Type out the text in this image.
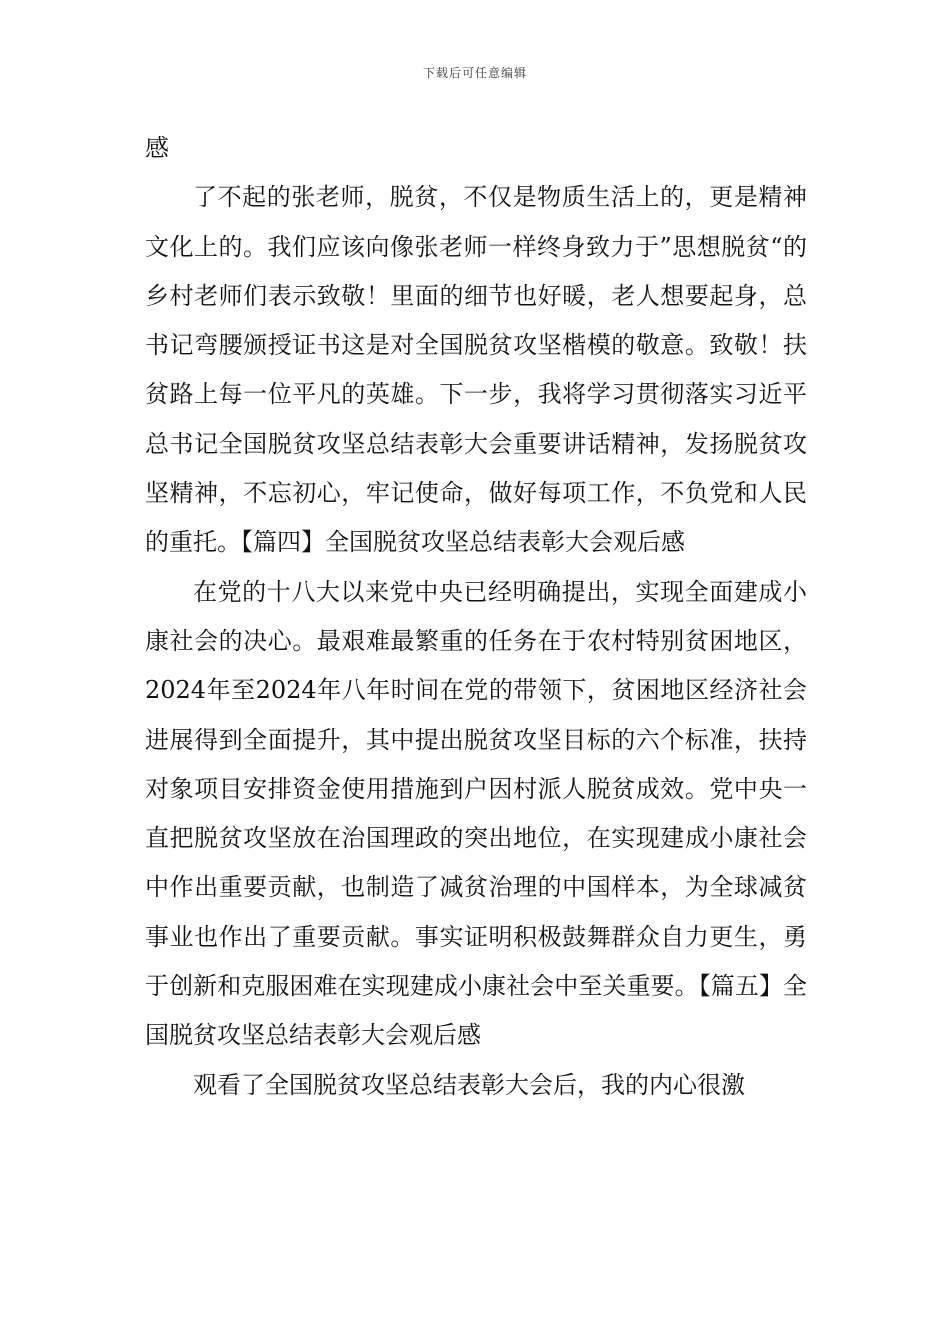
下载后可任意编辑

感

了不起的张老师，脱贫，不仅是物质生活上的，更是精神文化上的。我们应该向像张老师一样终身致力于”思想脱贫“的乡村老师们表示致敬！里面的细节也好暖，老人想要起身，总书记弯腰颁授证书这是对全国脱贫攻坚楷模的敬意。致敬！扶贫路上每一位平凡的英雄。下一步，我将学习贯彻落实习近平总书记全国脱贫攻坚总结表彰大会重要讲话精神，发扬脱贫攻坚精神，不忘初心，牢记使命，做好每项工作，不负党和人民的重托。【篇四】全国脱贫攻坚总结表彰大会观后感

在党的十八大以来党中央已经明确提出，实现全面建成小康社会的决心。最艰难最繁重的任务在于农村特别贫困地区，2024年至2024年八年时间在党的带领下，贫困地区经济社会进展得到全面提升，其中提出脱贫攻坚目标的六个标准，扶持对象项目安排资金使用措施到户因村派人脱贫成效。党中央一直把脱贫攻坚放在治国理政的突出地位，在实现建成小康社会中作出重要贡献，也制造了减贫治理的中国样本，为全球减贫事业也作出了重要贡献。事实证明积极鼓舞群众自力更生，勇于创新和克服困难在实现建成小康社会中至关重要。【篇五】全国脱贫攻坚总结表彰大会观后感

观看了全国脱贫攻坚总结表彰大会后，我的内心很激
